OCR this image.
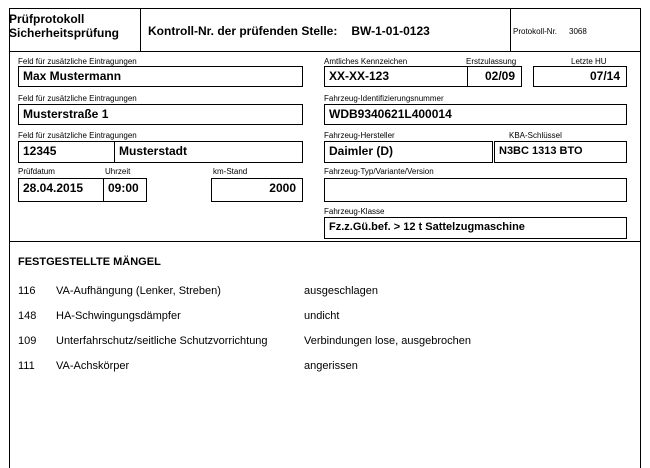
Prüfprotokoll
Sicherheitsprüfung Kontroll-Nr. der prüfenden Stelle: BW-1-01-0123	Protokoll-Nr. 3068
Feld für zusätzliche Eintragungen
Max Mustermann
Feld für zusätzliche Eintragungen
Musterstraße 1
Feld für zusätzliche Eintragungen
12345	Musterstadt
Prüfdatum	Uhrzeit	km-Stand
28.04.2015	09:00	2000
Amtliches Kennzeichen	Erstzulassung	Letzte HU
XX-XX-123	02/09	07/14
Fahrzeug-Identifizierungsnummer
WDB9340621L400014
Fahrzeug-Hersteller	KBA-Schlüssel
Daimler (D)	N3BC 1313 BTO
Fahrzeug-Typ/Variante/Version
Fahrzeug-Klasse
Fz.z.Gü.bef. > 12 t Sattelzugmaschine
FESTGESTELLTE MÄNGEL
116 VA-Aufhängung (Lenker, Streben)	ausgeschlagen
148 HA-Schwingungsdämpfer	undicht
109 Unterfahrschutz/seitliche Schutzvorrichtung	Verbindungen lose, ausgebrochen
111 VA-Achskörper	angerissen
